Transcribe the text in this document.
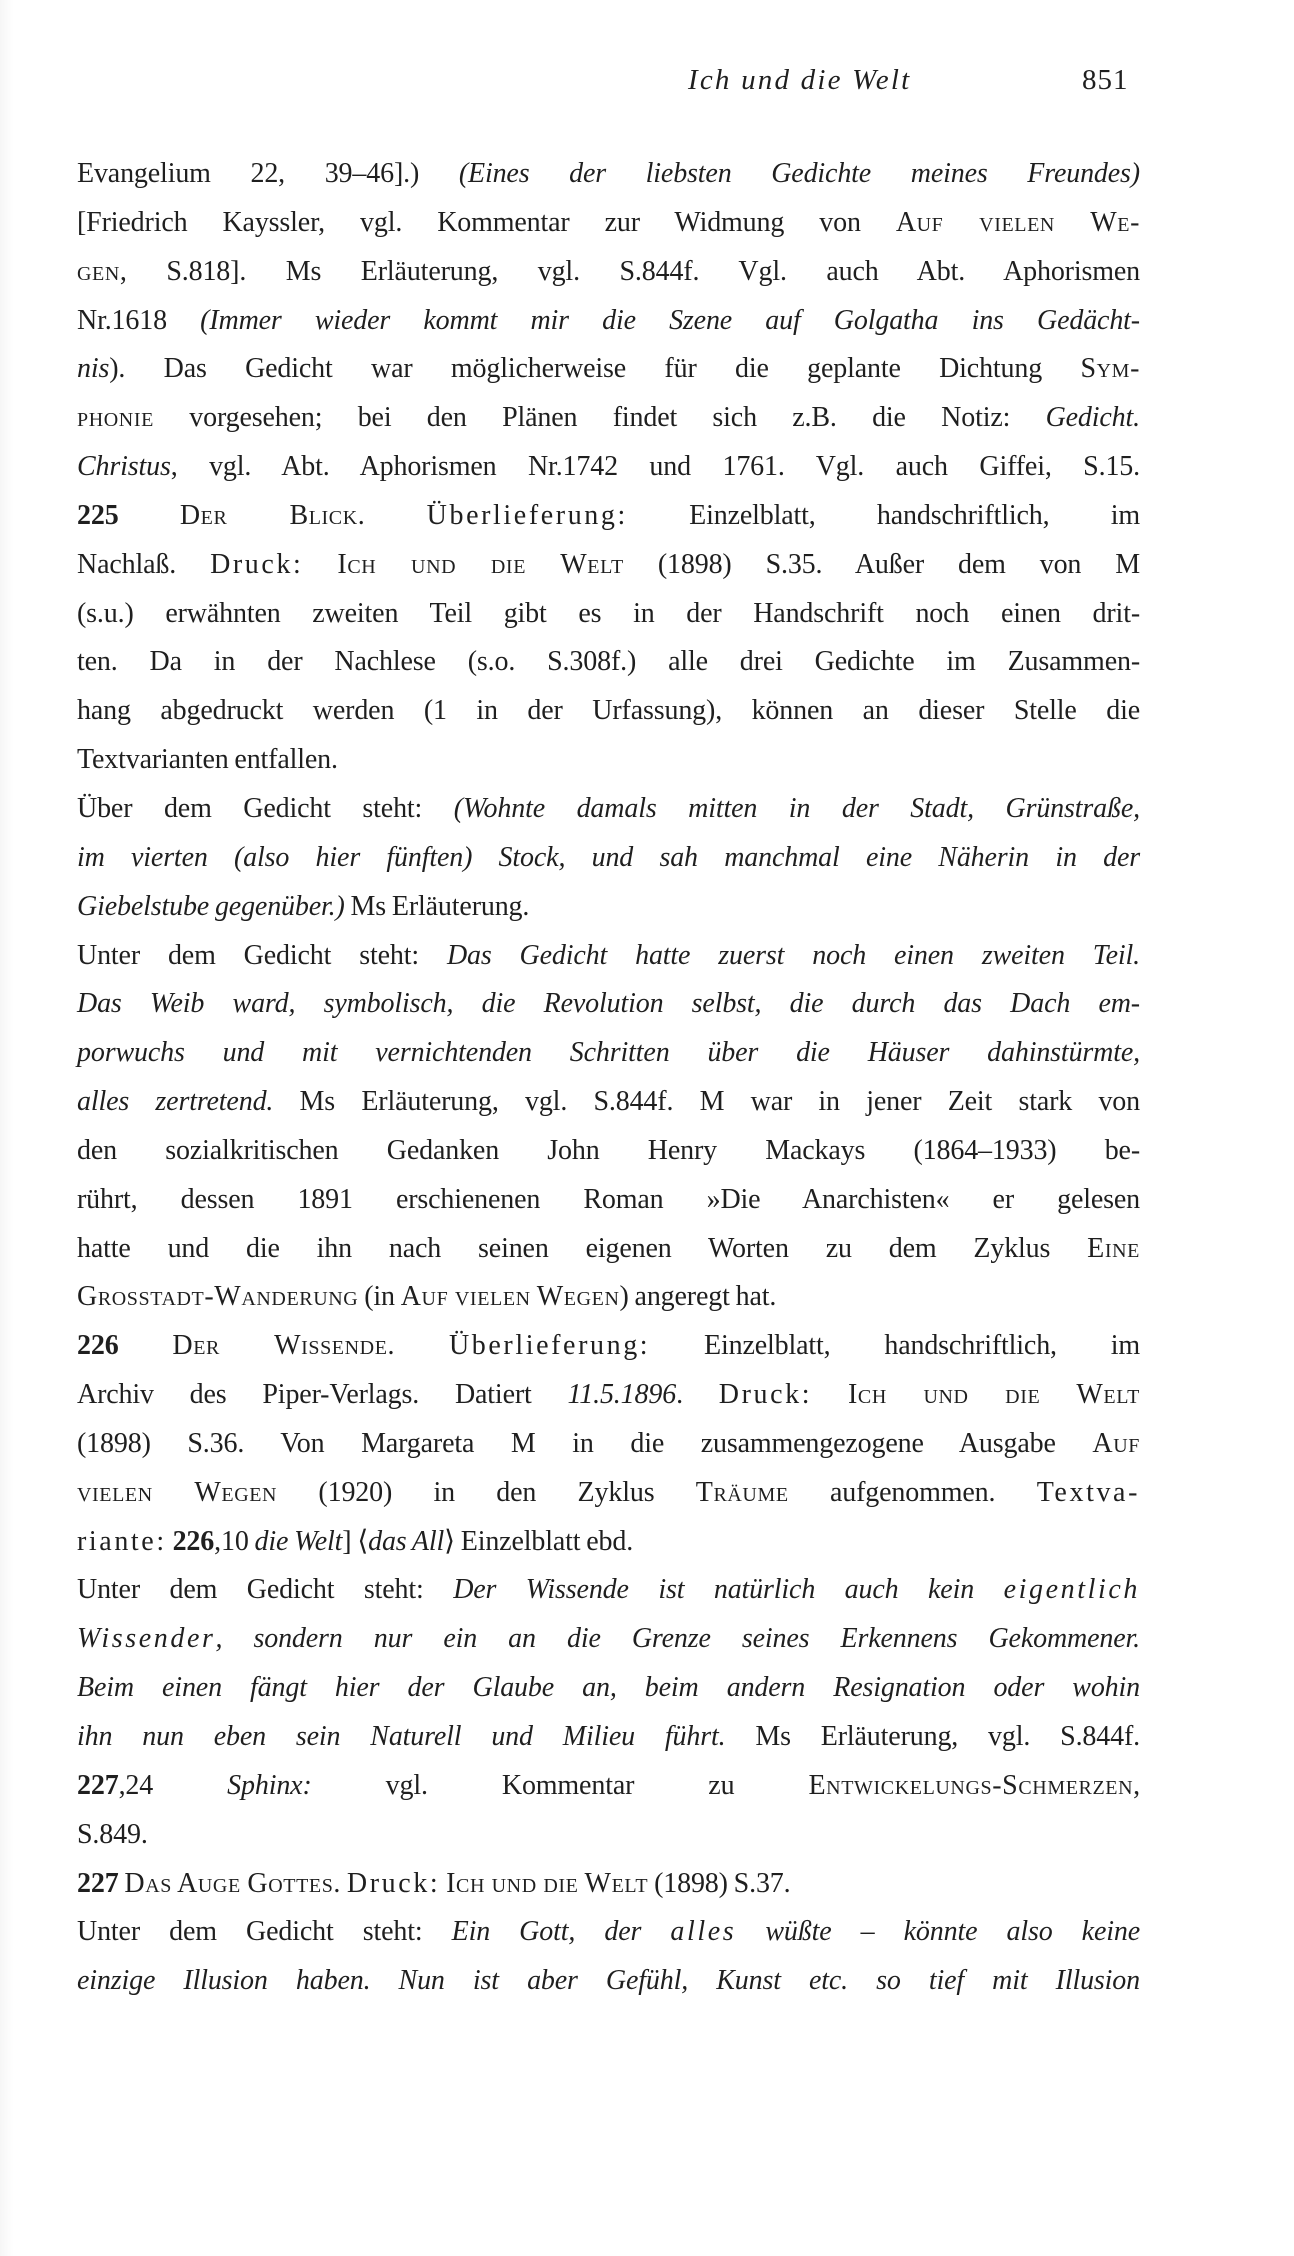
Ich und die Welt	851
Evangelium 22, 39–46].) (Eines der liebsten Gedichte meines Freundes)
[Friedrich Kayssler, vgl. Kommentar zur Widmung von Auf vielen We-
gen, S.818]. Ms Erläuterung, vgl. S.844f. Vgl. auch Abt. Aphorismen
Nr.1618 (Immer wieder kommt mir die Szene auf Golgatha ins Gedächt-
nis). Das Gedicht war möglicherweise für die geplante Dichtung Sym-
phonie vorgesehen; bei den Plänen findet sich z.B. die Notiz: Gedicht.
Christus, vgl. Abt. Aphorismen Nr.1742 und 1761. Vgl. auch Giffei, S.15.
225 Der Blick. Überlieferung: Einzelblatt, handschriftlich, im
Nachlaß. Druck: Ich und die Welt (1898) S.35. Außer dem von M
(s.u.) erwähnten zweiten Teil gibt es in der Handschrift noch einen drit-
ten. Da in der Nachlese (s.o. S.308f.) alle drei Gedichte im Zusammen-
hang abgedruckt werden (1 in der Urfassung), können an dieser Stelle die
Textvarianten entfallen.
Über dem Gedicht steht: (Wohnte damals mitten in der Stadt, Grünstraße,
im vierten (also hier fünften) Stock, und sah manchmal eine Näherin in der
Giebelstube gegenüber.) Ms Erläuterung.
Unter dem Gedicht steht: Das Gedicht hatte zuerst noch einen zweiten Teil.
Das Weib ward, symbolisch, die Revolution selbst, die durch das Dach em-
porwuchs und mit vernichtenden Schritten über die Häuser dahinstürmte,
alles zertretend. Ms Erläuterung, vgl. S.844f. M war in jener Zeit stark von
den sozialkritischen Gedanken John Henry Mackays (1864–1933) be-
rührt, dessen 1891 erschienenen Roman »Die Anarchisten« er gelesen
hatte und die ihn nach seinen eigenen Worten zu dem Zyklus Eine
Grosstadt-Wanderung (in Auf vielen Wegen) angeregt hat.
226 Der Wissende. Überlieferung: Einzelblatt, handschriftlich, im
Archiv des Piper-Verlags. Datiert 11.5.1896. Druck: Ich und die Welt
(1898) S.36. Von Margareta M in die zusammengezogene Ausgabe Auf
vielen Wegen (1920) in den Zyklus Träume aufgenommen. Textva-
riante: 226,10 die Welt] ⟨das All⟩ Einzelblatt ebd.
Unter dem Gedicht steht: Der Wissende ist natürlich auch kein eigentlich
Wissender, sondern nur ein an die Grenze seines Erkennens Gekommener.
Beim einen fängt hier der Glaube an, beim andern Resignation oder wohin
ihn nun eben sein Naturell und Milieu führt. Ms Erläuterung, vgl. S.844f.
227,24 Sphinx: vgl. Kommentar zu Entwickelungs-Schmerzen,
S.849.
227 Das Auge Gottes. Druck: Ich und die Welt (1898) S.37.
Unter dem Gedicht steht: Ein Gott, der alles wüßte – könnte also keine
einzige Illusion haben. Nun ist aber Gefühl, Kunst etc. so tief mit Illusion
